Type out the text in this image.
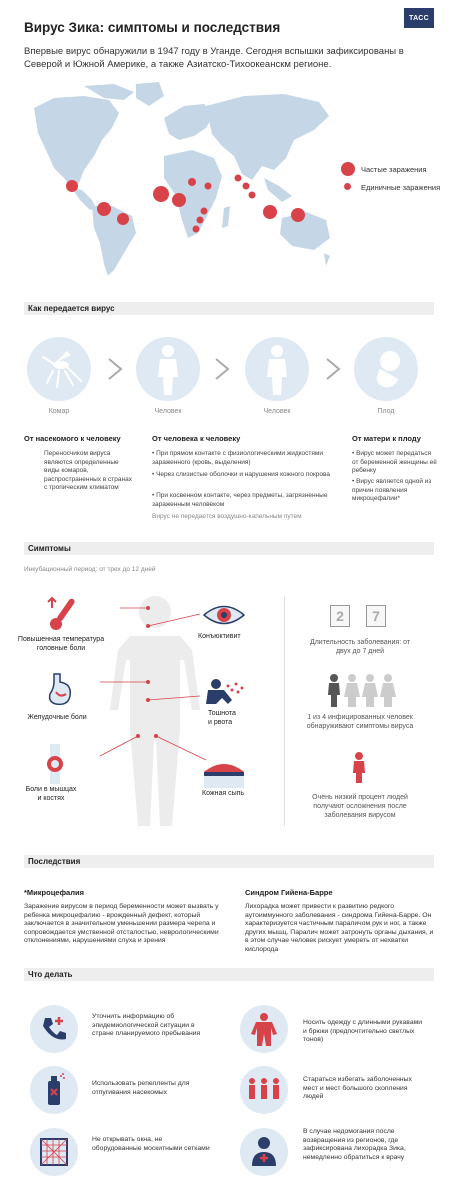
Вирус Зика: симптомы и последствия
ТАСС
Впервые вирус обнаружили в 1947 году в Уганде. Сегодня вспышки зафиксированы в Северой и Южной Америке, а также Азиатско-Тихоокеанскм регионе.
Частые заражения
Единичные заражения
Как передается вирус
Комар	Человек	Человек	Плод
От насекомого к человеку
Переносчиком вируса являются определенные виды комаров, распространенных в странах с тропическим климатом
От человека к человеку
• При прямом контакте с физиологическими жидкостями зараженного (кровь, выделения)
• Через слизистые оболочки и нарушения кожного покрова
• При косвенном контакте, через предметы, загрязненные зараженным человеком
Вирус не передается воздушно-капельным путем
От матери к плоду
• Вирус может передаться от беременной женщины её ребенку
• Вирус является одной из причин появления микроцефалии*
Симптомы
Инкубационный период: от трех до 12 дней
Повышенная температура
головные боли
Конъюктивит
Желудочные боли
Тошнота
и рвота
Боли в мышцах
и костях
Кожная сыпь
2	7
Длительность заболевания: от двух до 7 дней
1 из 4 инфицированных человек обнаруживают симптомы вируса
Очень низкий процент людей получают осложнения после заболевания вирусом
Последствия
*Микроцефалия
Заражение вирусом в период беременности может вызвать у ребенка микроцефалию - врожденный дефект, который заключается в значительном уменьшении размера черепа и сопровождается умственной отсталостью, неврологическими отклонениями, нарушениями слуха и зрения
Синдром Гийена-Барре
Лихорадка может привести к развитию редкого аутоиммунного заболевания - синдрома Гийена-Барре. Он характеризуется частичным параличом рук и ног, а также других мышц. Паралич может затронуть органы дыхания, и в этом случае человек рискует умереть от нехватки кислорода
Что делать
Уточнить информацию об эпидемиологической ситуации в стране планируемого пребывания
Носить одежду с длинными рукавами и брюки (предпочтительно светлых тонов)
Использовать репелленты для отпугивания насекомых
Стараться избегать заболоченных мест и мест большого скопления людей
Не открывать окна, не оборудованные москитными сетками
В случае недомогания после возвращения из регионов, где зафиксирована лихорадка Зика, немедленно обратиться к врачу
